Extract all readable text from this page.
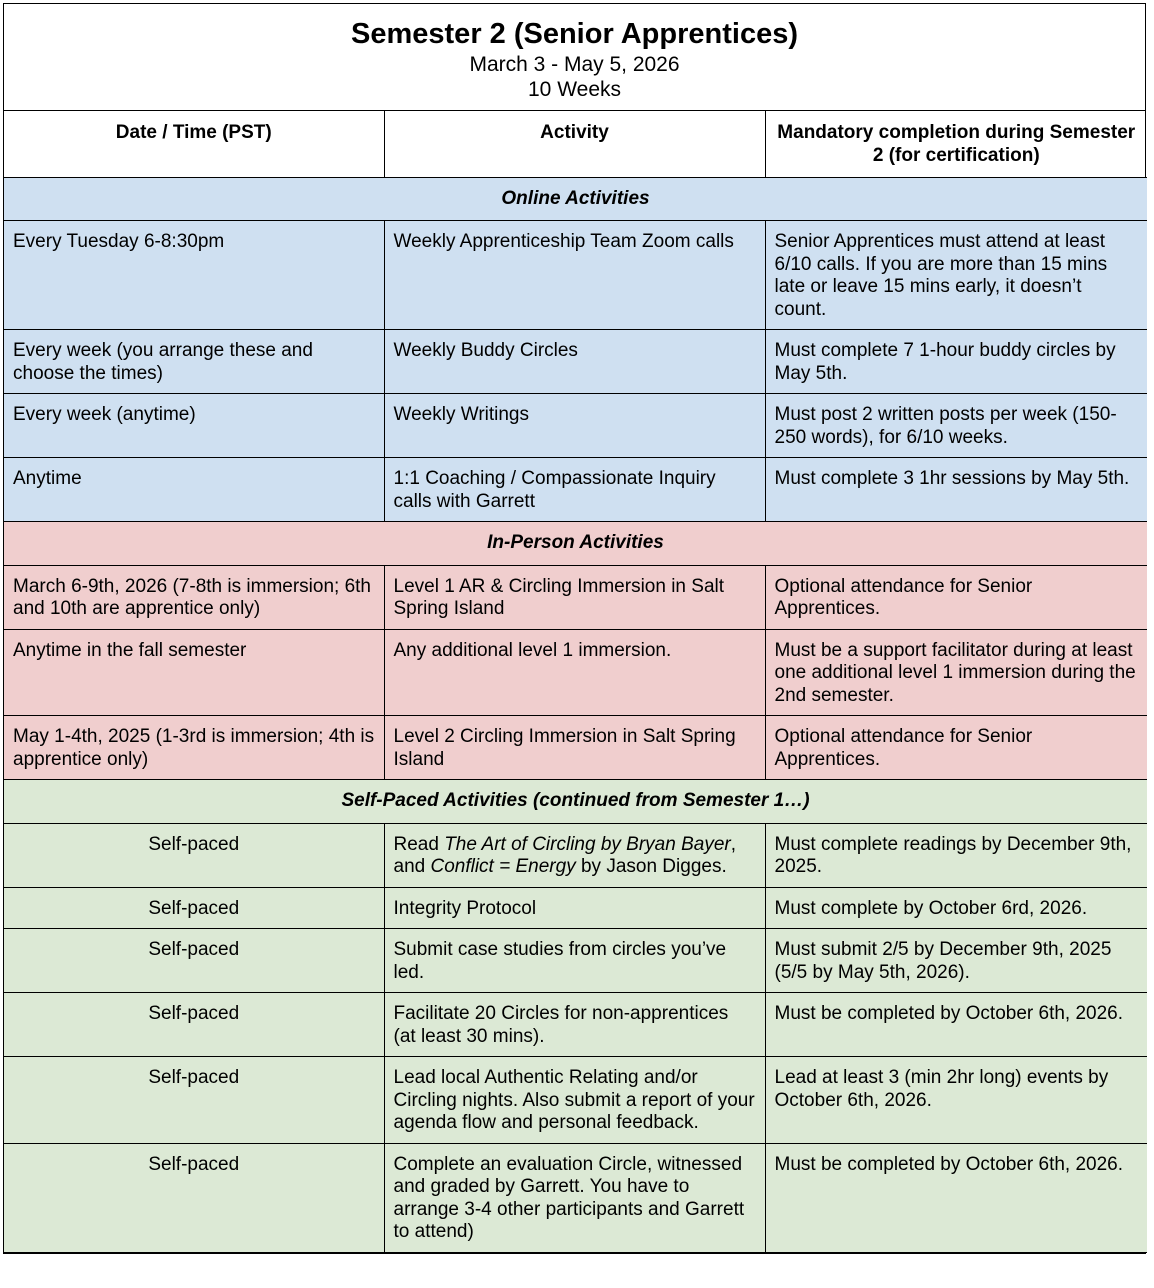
Semester 2 (Senior Apprentices)
March 3 - May 5, 2026
10 Weeks
Date / Time (PST)	Activity	Mandatory completion during Semester 2 (for certification)
Online Activities		
Every Tuesday 6-8:30pm	Weekly Apprenticeship Team Zoom calls	Senior Apprentices must attend at least 6/10 calls. If you are more than 15 mins late or leave 15 mins early, it doesn’t count.
Every week (you arrange these and choose the times)	Weekly Buddy Circles	Must complete 7 1-hour buddy circles by May 5th.
Every week (anytime)	Weekly Writings	Must post 2 written posts per week (150-250 words), for 6/10 weeks.
Anytime	1:1 Coaching / Compassionate Inquiry calls with Garrett	Must complete 3 1hr sessions by May 5th.
In-Person Activities		
March 6-9th, 2026 (7-8th is immersion; 6th and 10th are apprentice only)	Level 1 AR & Circling Immersion in Salt Spring Island	Optional attendance for Senior Apprentices.
Anytime in the fall semester	Any additional level 1 immersion.	Must be a support facilitator during at least one additional level 1 immersion during the 2nd semester.
May 1-4th, 2025 (1-3rd is immersion; 4th is apprentice only)	Level 2 Circling Immersion in Salt Spring Island	Optional attendance for Senior Apprentices.
Self-Paced Activities (continued from Semester 1…)		
Self-paced	Read The Art of Circling by Bryan Bayer, and Conflict = Energy by Jason Digges.	Must complete readings by December 9th, 2025.
Self-paced	Integrity Protocol	Must complete by October 6rd, 2026.
Self-paced	Submit case studies from circles you’ve led.	Must submit 2/5 by December 9th, 2025 (5/5 by May 5th, 2026).
Self-paced	Facilitate 20 Circles for non-apprentices (at least 30 mins).	Must be completed by October 6th, 2026.
Self-paced	Lead local Authentic Relating and/or Circling nights. Also submit a report of your agenda flow and personal feedback.	Lead at least 3 (min 2hr long) events by October 6th, 2026.
Self-paced	Complete an evaluation Circle, witnessed and graded by Garrett. You have to arrange 3-4 other participants and Garrett to attend)	Must be completed by October 6th, 2026.
